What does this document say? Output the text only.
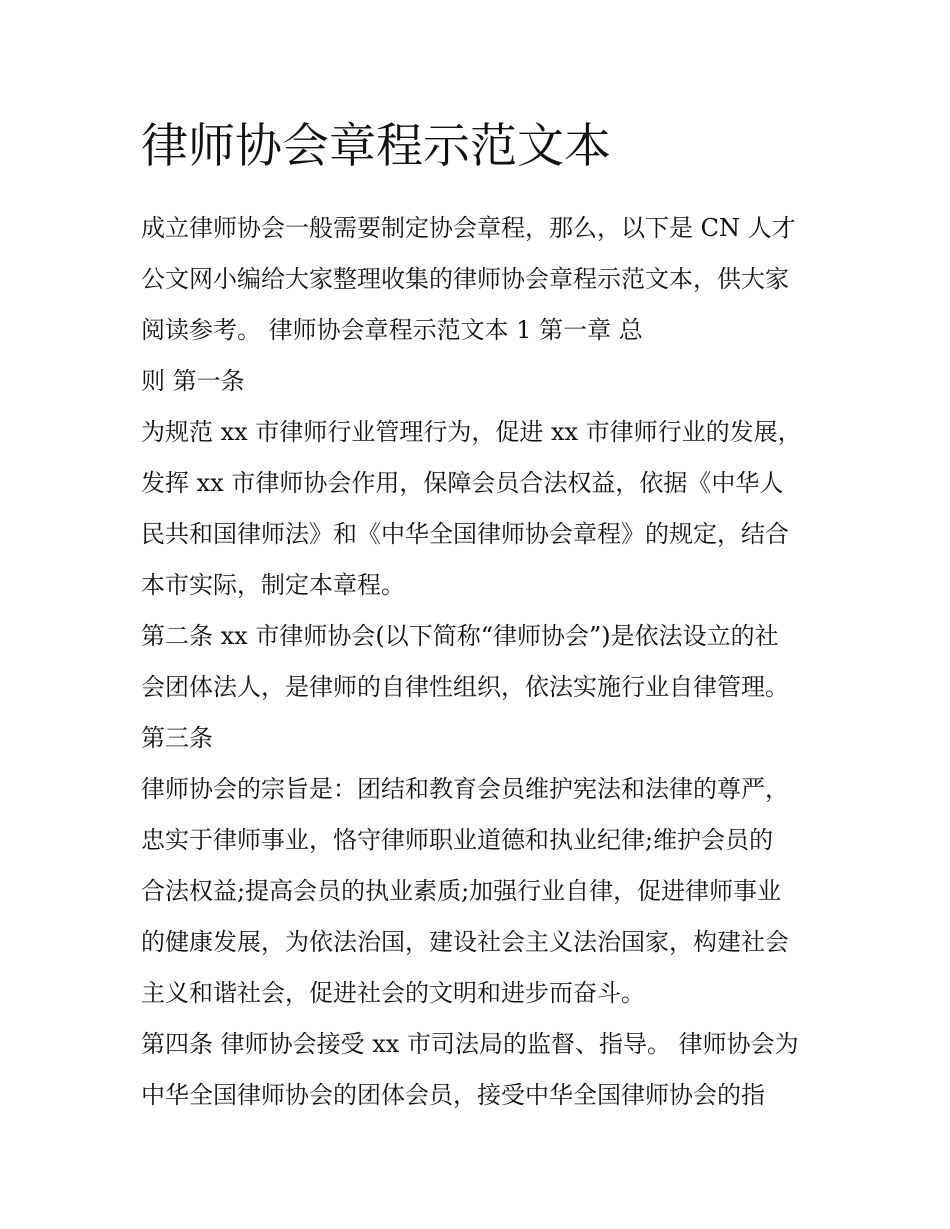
律师协会章程示范文本
成立律师协会一般需要制定协会章程，那么，以下是 CN 人才
公文网小编给大家整理收集的律师协会章程示范文本，供大家
阅读参考。 律师协会章程示范文本 1 第一章 总
则 第一条
为规范 xx 市律师行业管理行为，促进 xx 市律师行业的发展，
发挥 xx 市律师协会作用，保障会员合法权益，依据《中华人
民共和国律师法》和《中华全国律师协会章程》的规定，结合
本市实际，制定本章程。
第二条 xx 市律师协会(以下简称“律师协会”)是依法设立的社
会团体法人，是律师的自律性组织，依法实施行业自律管理。
第三条
律师协会的宗旨是：团结和教育会员维护宪法和法律的尊严，
忠实于律师事业，恪守律师职业道德和执业纪律;维护会员的
合法权益;提高会员的执业素质;加强行业自律，促进律师事业
的健康发展，为依法治国，建设社会主义法治国家，构建社会
主义和谐社会，促进社会的文明和进步而奋斗。
第四条 律师协会接受 xx 市司法局的监督、指导。 律师协会为
中华全国律师协会的团体会员，接受中华全国律师协会的指
